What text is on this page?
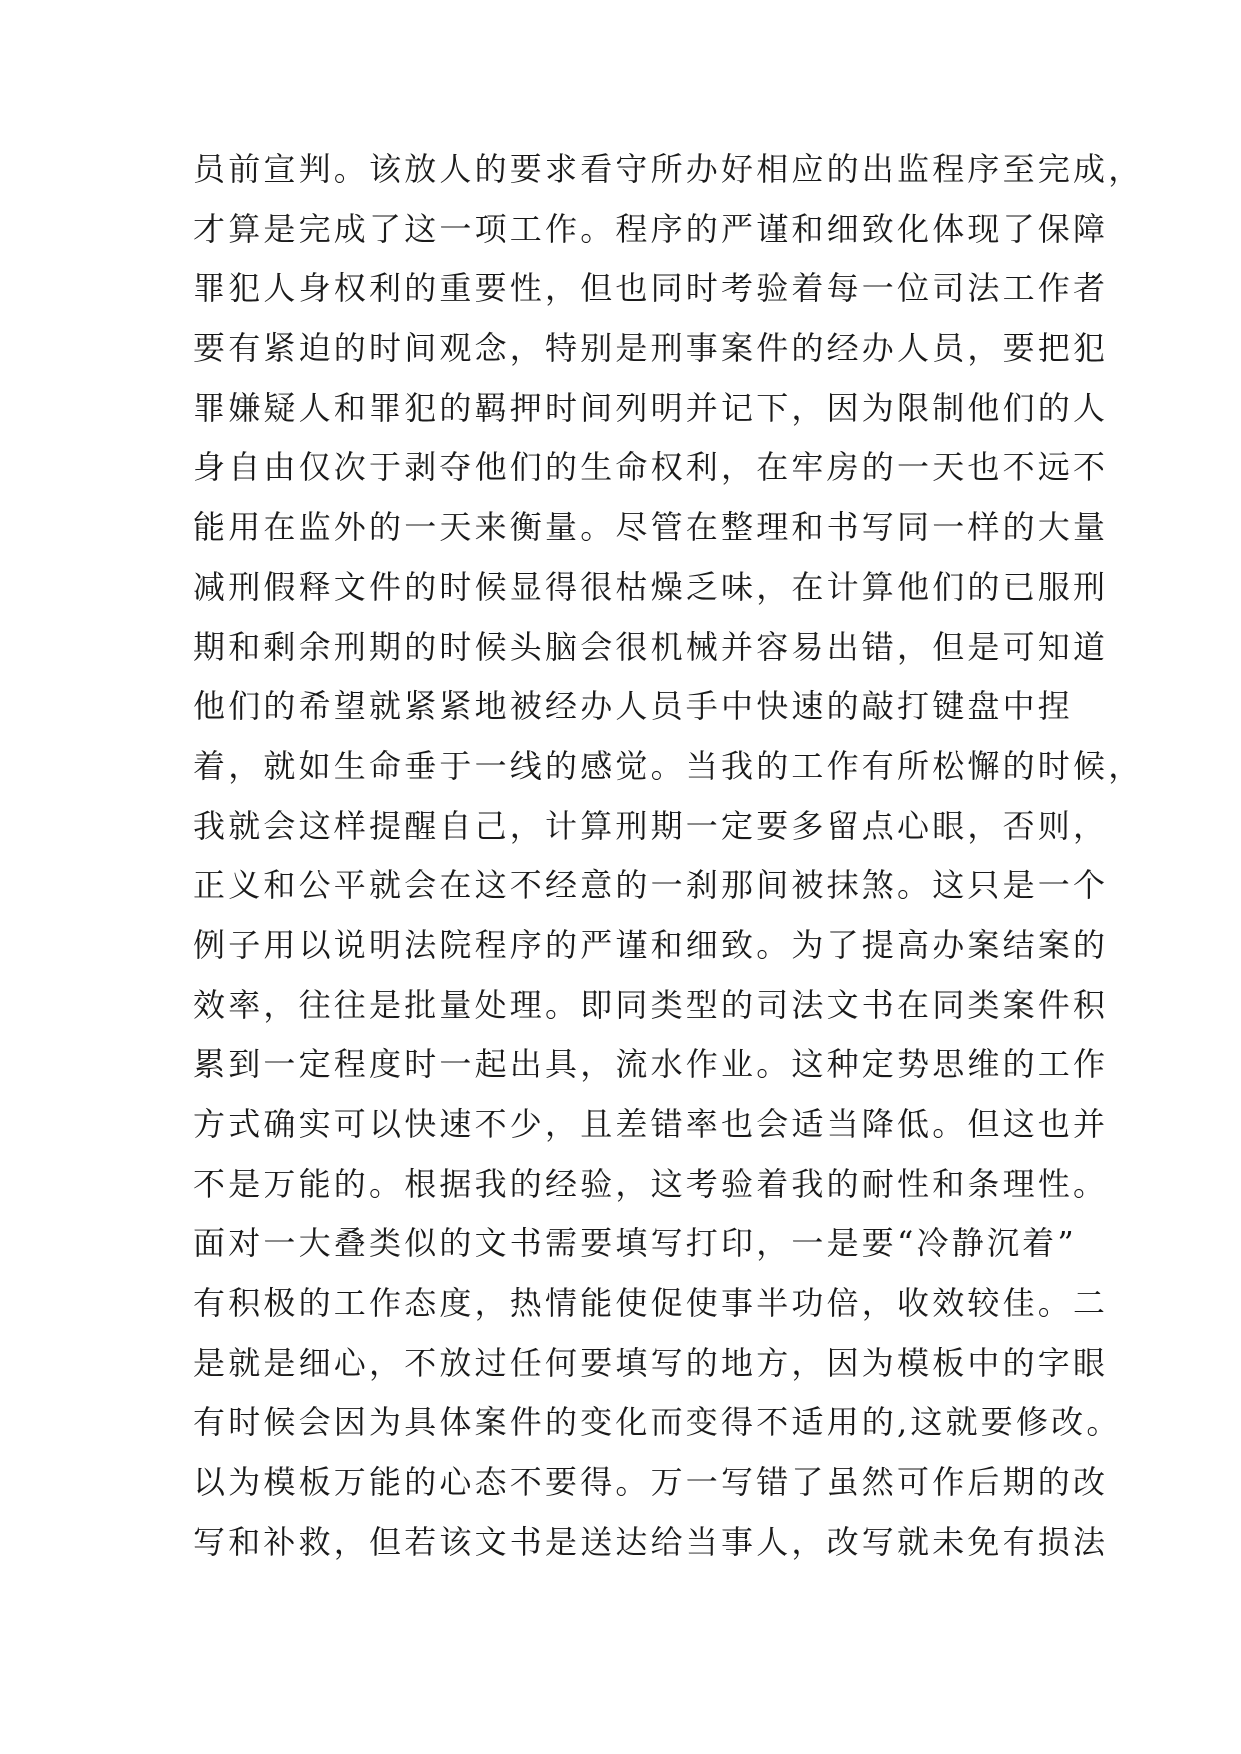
员前宣判。该放人的要求看守所办好相应的出监程序至完成，
才算是完成了这一项工作。程序的严谨和细致化体现了保障
罪犯人身权利的重要性，但也同时考验着每一位司法工作者
要有紧迫的时间观念，特别是刑事案件的经办人员，要把犯
罪嫌疑人和罪犯的羁押时间列明并记下，因为限制他们的人
身自由仅次于剥夺他们的生命权利，在牢房的一天也不远不
能用在监外的一天来衡量。尽管在整理和书写同一样的大量
减刑假释文件的时候显得很枯燥乏味，在计算他们的已服刑
期和剩余刑期的时候头脑会很机械并容易出错，但是可知道
他们的希望就紧紧地被经办人员手中快速的敲打键盘中捏
着，就如生命垂于一线的感觉。当我的工作有所松懈的时候，
我就会这样提醒自己，计算刑期一定要多留点心眼，否则，
正义和公平就会在这不经意的一刹那间被抹煞。这只是一个
例子用以说明法院程序的严谨和细致。为了提高办案结案的
效率，往往是批量处理。即同类型的司法文书在同类案件积
累到一定程度时一起出具，流水作业。这种定势思维的工作
方式确实可以快速不少，且差错率也会适当降低。但这也并
不是万能的。根据我的经验，这考验着我的耐性和条理性。
面对一大叠类似的文书需要填写打印，一是要“冷静沉着”
有积极的工作态度，热情能使促使事半功倍，收效较佳。二
是就是细心，不放过任何要填写的地方，因为模板中的字眼
有时候会因为具体案件的变化而变得不适用的,这就要修改。
以为模板万能的心态不要得。万一写错了虽然可作后期的改
写和补救，但若该文书是送达给当事人，改写就未免有损法
